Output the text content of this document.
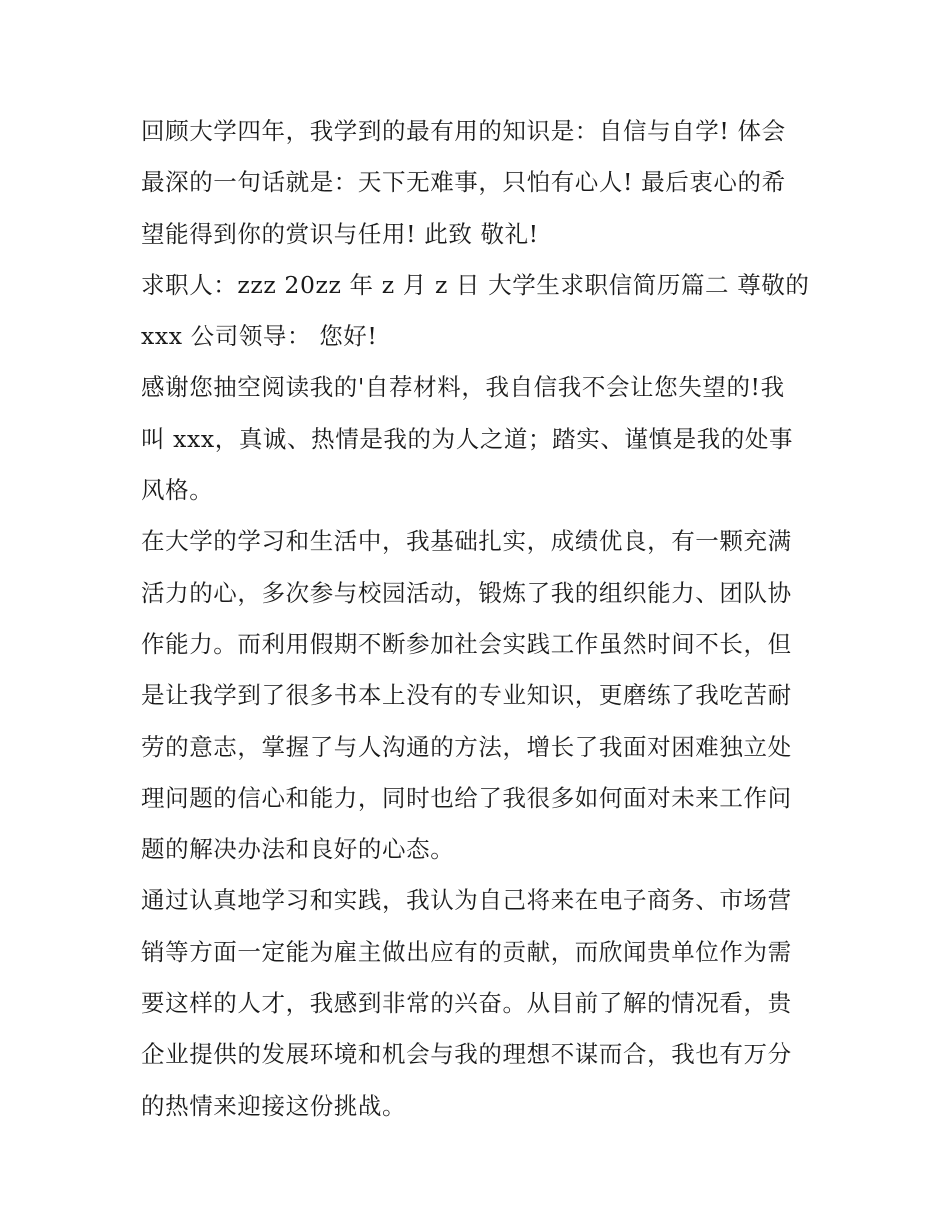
回顾大学四年，我学到的最有用的知识是：自信与自学! 体会
最深的一句话就是：天下无难事，只怕有心人! 最后衷心的希
望能得到你的赏识与任用! 此致 敬礼!
求职人：zzz 20zz 年 z 月 z 日 大学生求职信简历篇二 尊敬的
xxx 公司领导： 您好!
感谢您抽空阅读我的'自荐材料，我自信我不会让您失望的!我
叫 xxx，真诚、热情是我的为人之道；踏实、谨慎是我的处事
风格。
在大学的学习和生活中，我基础扎实，成绩优良，有一颗充满
活力的心，多次参与校园活动，锻炼了我的组织能力、团队协
作能力。而利用假期不断参加社会实践工作虽然时间不长，但
是让我学到了很多书本上没有的专业知识，更磨练了我吃苦耐
劳的意志，掌握了与人沟通的方法，增长了我面对困难独立处
理问题的信心和能力，同时也给了我很多如何面对未来工作问
题的解决办法和良好的心态。
通过认真地学习和实践，我认为自己将来在电子商务、市场营
销等方面一定能为雇主做出应有的贡献，而欣闻贵单位作为需
要这样的人才，我感到非常的兴奋。从目前了解的情况看，贵
企业提供的发展环境和机会与我的理想不谋而合，我也有万分
的热情来迎接这份挑战。
